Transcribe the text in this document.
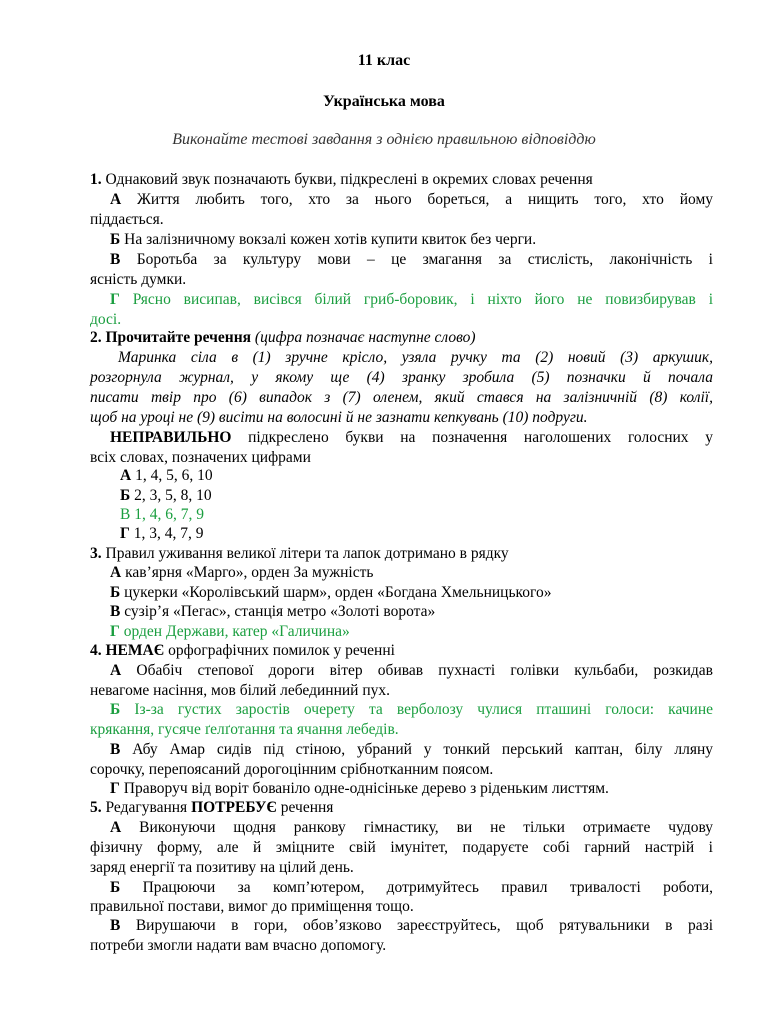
11 клас
Українська мова
Виконайте тестові завдання з однією правильною відповіддю
1. Однаковий звук позначають букви, підкреслені в окремих словах речення
А Життя любить того, хто за нього бореться, а нищить того, хто йому
піддається.
Б На залізничному вокзалі кожен хотів купити квиток без черги.
В Боротьба за культуру мови – це змагання за стислість, лаконічність і
ясність думки.
Г Рясно висипав, висівся білий гриб-боровик, і ніхто його не повизбирував і
досі.
2. Прочитайте речення (цифра позначає наступне слово)
Маринка сіла в (1) зручне крісло, узяла ручку та (2) новий (3) аркушик,
розгорнула журнал, у якому ще (4) зранку зробила (5) позначки й почала
писати твір про (6) випадок з (7) оленем, який стався на залізничній (8) колії,
щоб на уроці не (9) висіти на волосині й не зазнати кепкувань (10) подруги.
НЕПРАВИЛЬНО підкреслено букви на позначення наголошених голосних у
всіх словах, позначених цифрами
А 1, 4, 5, 6, 10
Б 2, 3, 5, 8, 10
В 1, 4, 6, 7, 9
Г 1, 3, 4, 7, 9
3. Правил уживання великої літери та лапок дотримано в рядку
А кав’ярня «Марго», орден За мужність
Б цукерки «Королівський шарм», орден «Богдана Хмельницького»
В сузір’я «Пегас», станція метро «Золоті ворота»
Г орден Держави, катер «Галичина»
4. НЕМАЄ орфографічних помилок у реченні
А Обабіч степової дороги вітер обивав пухнасті голівки кульбаби, розкидав
невагоме насіння, мов білий лебединний пух.
Б Із-за густих заростів очерету та верболозу чулися пташині голоси: качине
крякання, гусяче ґелґотання та ячання лебедів.
В Абу Амар сидів під стіною, убраний у тонкий перський каптан, білу лляну
сорочку, перепоясаний дорогоцінним срібнотканним поясом.
Г Праворуч від воріт бованіло одне-однісіньке дерево з ріденьким листтям.
5. Редагування ПОТРЕБУЄ речення
А Виконуючи щодня ранкову гімнастику, ви не тільки отримаєте чудову
фізичну форму, але й зміцните свій імунітет, подаруєте собі гарний настрій і
заряд енергії та позитиву на цілий день.
Б Працюючи за комп’ютером, дотримуйтесь правил тривалості роботи,
правильної постави, вимог до приміщення тощо.
В Вирушаючи в гори, обов’язково зареєструйтесь, щоб рятувальники в разі
потреби змогли надати вам вчасно допомогу.
